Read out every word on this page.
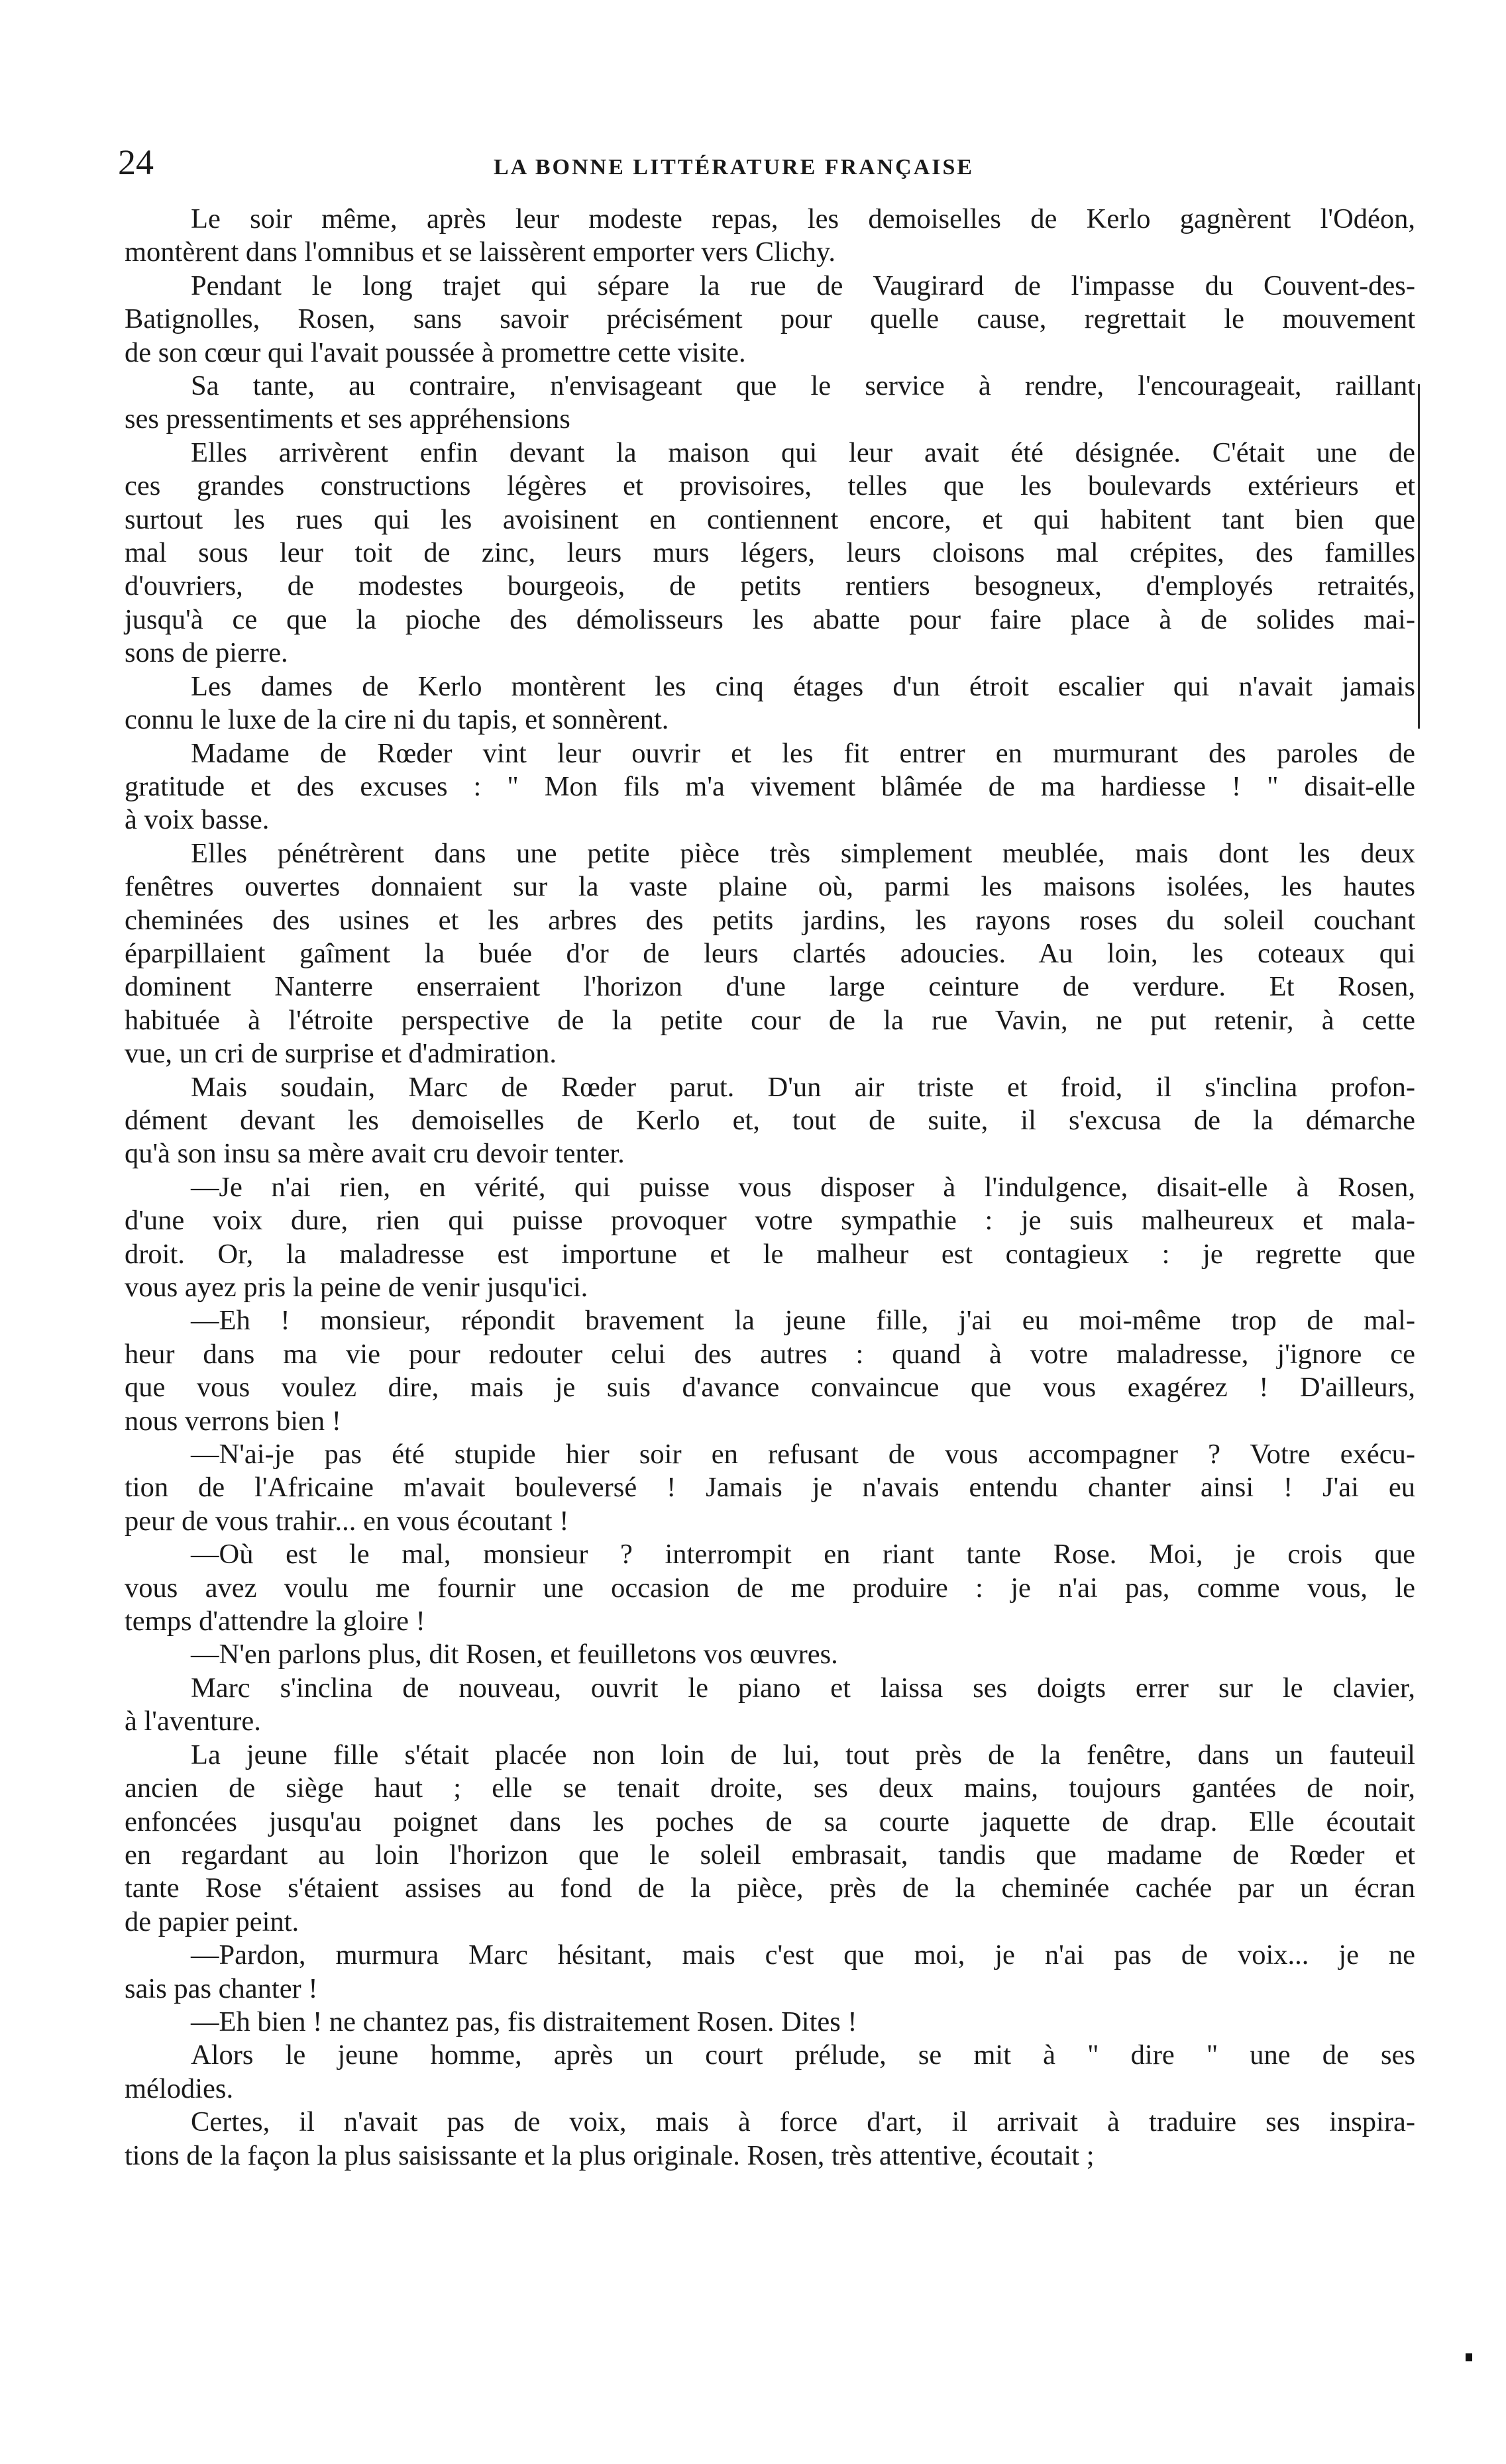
24	LA BONNE LITTÉRATURE FRANÇAISE
Le soir même, après leur modeste repas, les demoiselles de Kerlo gagnèrent l'Odéon,
montèrent dans l'omnibus et se laissèrent emporter vers Clichy.
Pendant le long trajet qui sépare la rue de Vaugirard de l'impasse du Couvent-des-
Batignolles, Rosen, sans savoir précisément pour quelle cause, regrettait le mouvement
de son cœur qui l'avait poussée à promettre cette visite.
Sa tante, au contraire, n'envisageant que le service à rendre, l'encourageait, raillant
ses pressentiments et ses appréhensions
Elles arrivèrent enfin devant la maison qui leur avait été désignée. C'était une de
ces grandes constructions légères et provisoires, telles que les boulevards extérieurs et
surtout les rues qui les avoisinent en contiennent encore, et qui habitent tant bien que
mal sous leur toit de zinc, leurs murs légers, leurs cloisons mal crépites, des familles
d'ouvriers, de modestes bourgeois, de petits rentiers besogneux, d'employés retraités,
jusqu'à ce que la pioche des démolisseurs les abatte pour faire place à de solides mai-
sons de pierre.
Les dames de Kerlo montèrent les cinq étages d'un étroit escalier qui n'avait jamais
connu le luxe de la cire ni du tapis, et sonnèrent.
Madame de Rœder vint leur ouvrir et les fit entrer en murmurant des paroles de
gratitude et des excuses : " Mon fils m'a vivement blâmée de ma hardiesse ! " disait-elle
à voix basse.
Elles pénétrèrent dans une petite pièce très simplement meublée, mais dont les deux
fenêtres ouvertes donnaient sur la vaste plaine où, parmi les maisons isolées, les hautes
cheminées des usines et les arbres des petits jardins, les rayons roses du soleil couchant
éparpillaient gaîment la buée d'or de leurs clartés adoucies. Au loin, les coteaux qui
dominent Nanterre enserraient l'horizon d'une large ceinture de verdure. Et Rosen,
habituée à l'étroite perspective de la petite cour de la rue Vavin, ne put retenir, à cette
vue, un cri de surprise et d'admiration.
Mais soudain, Marc de Rœder parut. D'un air triste et froid, il s'inclina profon-
dément devant les demoiselles de Kerlo et, tout de suite, il s'excusa de la démarche
qu'à son insu sa mère avait cru devoir tenter.
—Je n'ai rien, en vérité, qui puisse vous disposer à l'indulgence, disait-elle à Rosen,
d'une voix dure, rien qui puisse provoquer votre sympathie : je suis malheureux et mala-
droit. Or, la maladresse est importune et le malheur est contagieux : je regrette que
vous ayez pris la peine de venir jusqu'ici.
—Eh ! monsieur, répondit bravement la jeune fille, j'ai eu moi-même trop de mal-
heur dans ma vie pour redouter celui des autres : quand à votre maladresse, j'ignore ce
que vous voulez dire, mais je suis d'avance convaincue que vous exagérez ! D'ailleurs,
nous verrons bien !
—N'ai-je pas été stupide hier soir en refusant de vous accompagner ? Votre exécu-
tion de l'Africaine m'avait bouleversé ! Jamais je n'avais entendu chanter ainsi ! J'ai eu
peur de vous trahir... en vous écoutant !
—Où est le mal, monsieur ? interrompit en riant tante Rose. Moi, je crois que
vous avez voulu me fournir une occasion de me produire : je n'ai pas, comme vous, le
temps d'attendre la gloire !
—N'en parlons plus, dit Rosen, et feuilletons vos œuvres.
Marc s'inclina de nouveau, ouvrit le piano et laissa ses doigts errer sur le clavier,
à l'aventure.
La jeune fille s'était placée non loin de lui, tout près de la fenêtre, dans un fauteuil
ancien de siège haut ; elle se tenait droite, ses deux mains, toujours gantées de noir,
enfoncées jusqu'au poignet dans les poches de sa courte jaquette de drap. Elle écoutait
en regardant au loin l'horizon que le soleil embrasait, tandis que madame de Rœder et
tante Rose s'étaient assises au fond de la pièce, près de la cheminée cachée par un écran
de papier peint.
—Pardon, murmura Marc hésitant, mais c'est que moi, je n'ai pas de voix... je ne
sais pas chanter !
—Eh bien ! ne chantez pas, fis distraitement Rosen. Dites !
Alors le jeune homme, après un court prélude, se mit à " dire " une de ses
mélodies.
Certes, il n'avait pas de voix, mais à force d'art, il arrivait à traduire ses inspira-
tions de la façon la plus saisissante et la plus originale. Rosen, très attentive, écoutait ;
